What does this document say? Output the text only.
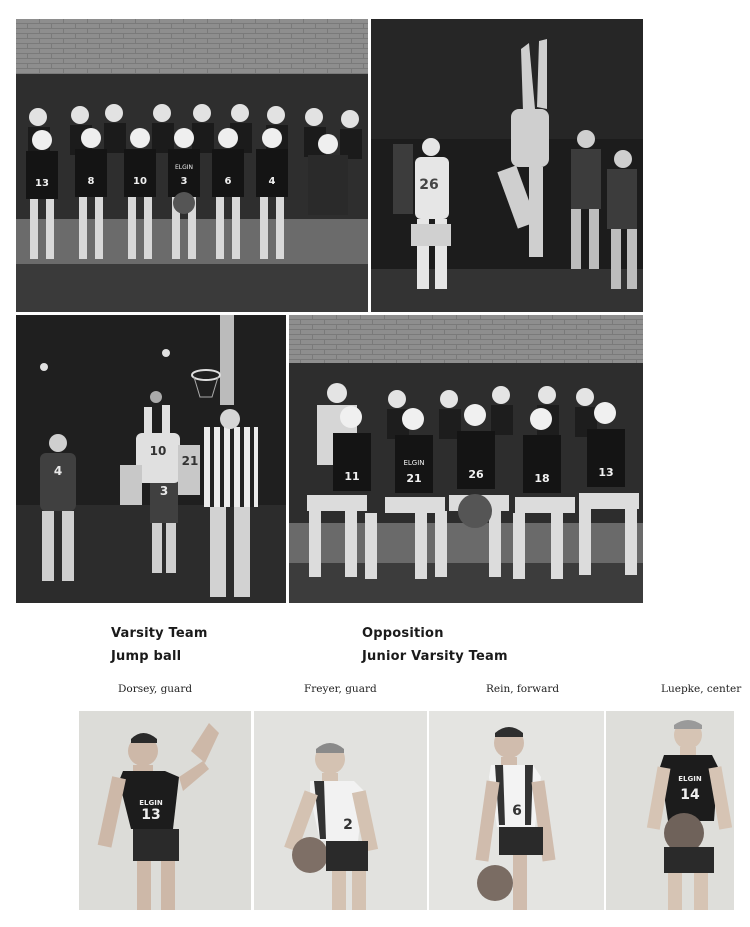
13	8	10	3	6	4
ELGIN
26
4
10
3
21
11	21	26	18	13
ELGIN
Varsity Team
Jump ball
Opposition
Junior Varsity Team
Dorsey, guard	Freyer, guard	Rein, forward	Luepke, center
ELGIN
13
2
6
ELGIN
14
